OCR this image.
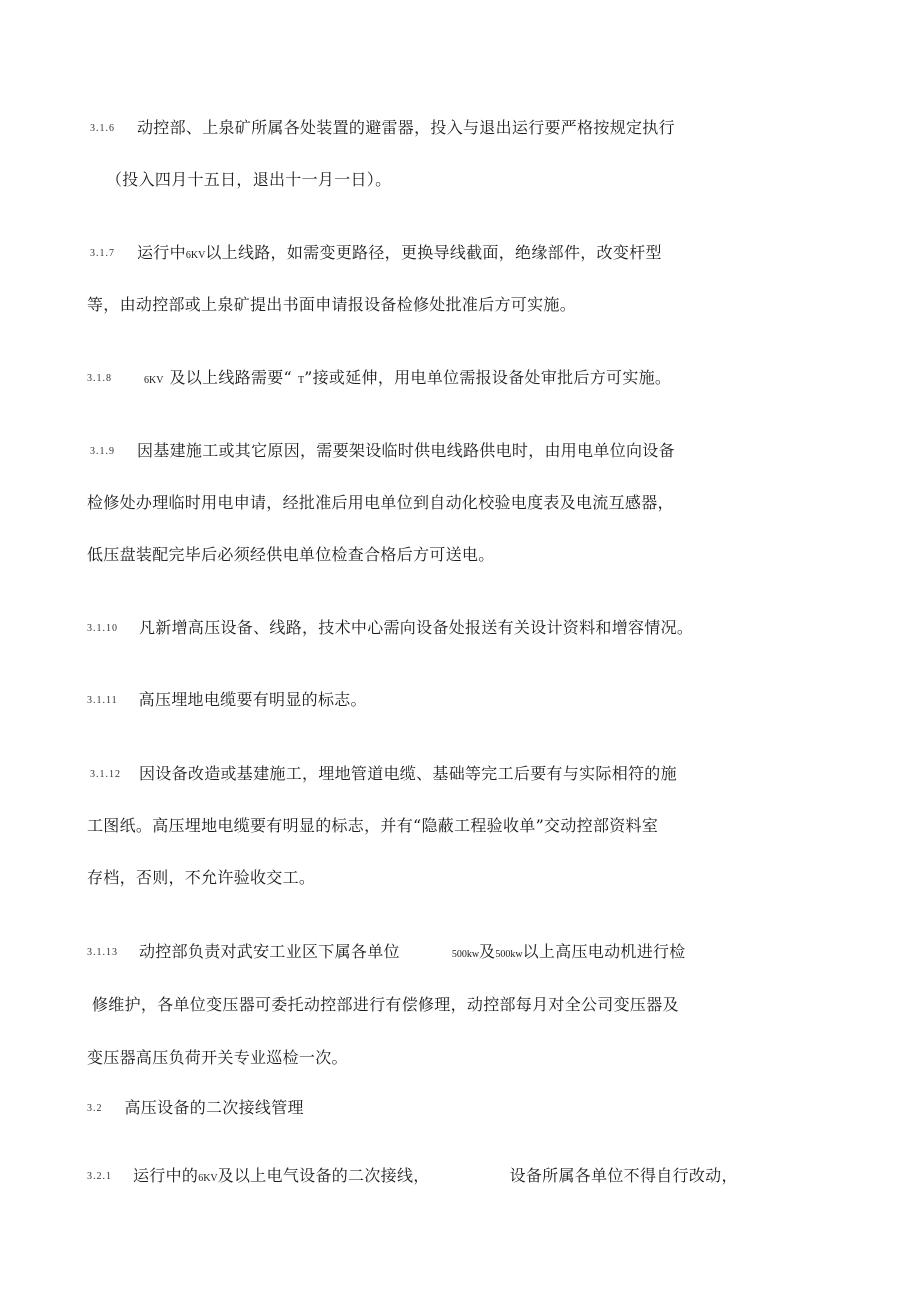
3.1.6 动控部、上泉矿所属各处装置的避雷器，投入与退出运行要严格按规定执行
（投入四月十五日，退出十一月一日）。
3.1.7 运行中6KV以上线路，如需变更路径，更换导线截面，绝缘部件，改变杆型
等，由动控部或上泉矿提出书面申请报设备检修处批准后方可实施。
3.1.8	6KV 及以上线路需要“ T”接或延伸，用电单位需报设备处审批后方可实施。
3.1.9 因基建施工或其它原因，需要架设临时供电线路供电时，由用电单位向设备
检修处办理临时用电申请，经批准后用电单位到自动化校验电度表及电流互感器，
低压盘装配完毕后必须经供电单位检查合格后方可送电。
3.1.10 凡新增高压设备、线路，技术中心需向设备处报送有关设计资料和增容情况。
3.1.11 高压埋地电缆要有明显的标志。
3.1.12 因设备改造或基建施工，埋地管道电缆、基础等完工后要有与实际相符的施
工图纸。高压埋地电缆要有明显的标志，并有“隐蔽工程验收单”交动控部资料室
存档，否则，不允许验收交工。
3.1.13 动控部负责对武安工业区下属各单位	500kw及500kw以上高压电动机进行检
修维护，各单位变压器可委托动控部进行有偿修理，动控部每月对全公司变压器及
变压器高压负荷开关专业巡检一次。
3.2 高压设备的二次接线管理
3.2.1 运行中的6KV及以上电气设备的二次接线，	设备所属各单位不得自行改动，
